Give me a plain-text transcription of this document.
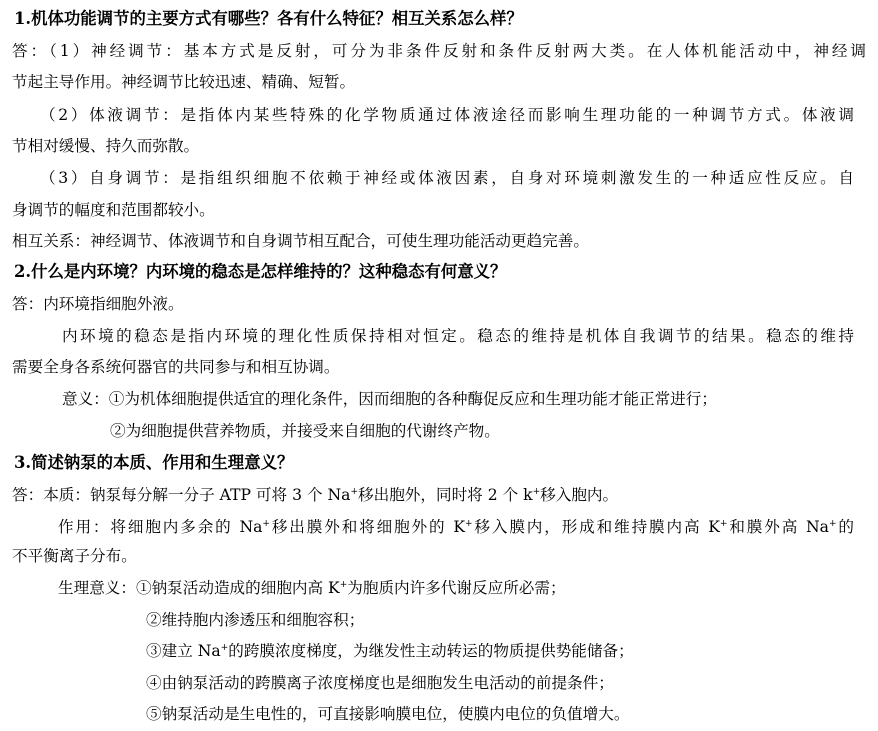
1.机体功能调节的主要方式有哪些？各有什么特征？相互关系怎么样？
答：（1）神经调节：基本方式是反射，可分为非条件反射和条件反射两大类。在人体机能活动中，神经调
节起主导作用。神经调节比较迅速、精确、短暂。
（2）体液调节：是指体内某些特殊的化学物质通过体液途径而影响生理功能的一种调节方式。体液调
节相对缓慢、持久而弥散。
（3）自身调节：是指组织细胞不依赖于神经或体液因素，自身对环境刺激发生的一种适应性反应。自
身调节的幅度和范围都较小。
相互关系：神经调节、体液调节和自身调节相互配合，可使生理功能活动更趋完善。
2.什么是内环境？内环境的稳态是怎样维持的？这种稳态有何意义？
答：内环境指细胞外液。
内环境的稳态是指内环境的理化性质保持相对恒定。稳态的维持是机体自我调节的结果。稳态的维持
需要全身各系统何器官的共同参与和相互协调。
意义：①为机体细胞提供适宜的理化条件，因而细胞的各种酶促反应和生理功能才能正常进行；
②为细胞提供营养物质，并接受来自细胞的代谢终产物。
3.简述钠泵的本质、作用和生理意义？
答：本质：钠泵每分解一分子 ATP 可将 3 个 Na+移出胞外，同时将 2 个 k+移入胞内。
作用：将细胞内多余的 Na+移出膜外和将细胞外的 K+移入膜内，形成和维持膜内高 K+和膜外高 Na+的
不平衡离子分布。
生理意义：①钠泵活动造成的细胞内高 K+为胞质内许多代谢反应所必需；
②维持胞内渗透压和细胞容积；
③建立 Na+的跨膜浓度梯度，为继发性主动转运的物质提供势能储备；
④由钠泵活动的跨膜离子浓度梯度也是细胞发生电活动的前提条件；
⑤钠泵活动是生电性的，可直接影响膜电位，使膜内电位的负值增大。
